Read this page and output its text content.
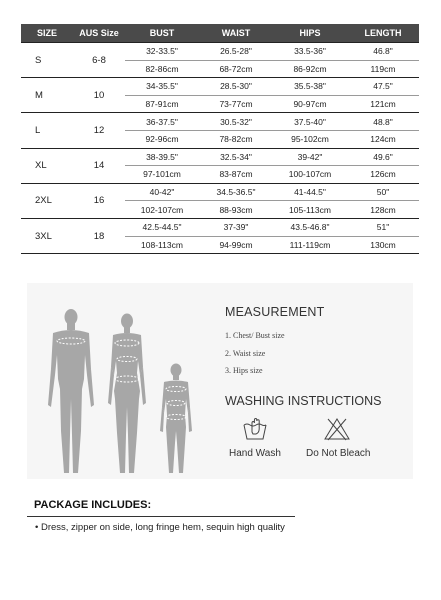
SIZE	AUS Size	BUST	WAIST	HIPS	LENGTH
S	6-8	32-33.5"	26.5-28"	33.5-36"	46.8"
		82-86cm	68-72cm	86-92cm	119cm
M	10	34-35.5"	28.5-30"	35.5-38"	47.5"
		87-91cm	73-77cm	90-97cm	121cm
L	12	36-37.5"	30.5-32"	37.5-40"	48.8"
		92-96cm	78-82cm	95-102cm	124cm
XL	14	38-39.5"	32.5-34"	39-42"	49.6"
		97-101cm	83-87cm	100-107cm	126cm
2XL	16	40-42"	34.5-36.5"	41-44.5"	50"
		102-107cm	88-93cm	105-113cm	128cm
3XL	18	42.5-44.5"	37-39"	43.5-46.8"	51"
		108-113cm	94-99cm	111-119cm	130cm
MEASUREMENT
1. Chest/ Bust size
2. Waist size
3. Hips size
WASHING INSTRUCTIONS
Hand Wash	Do Not Bleach
PACKAGE INCLUDES:
• Dress, zipper on side, long fringe hem, sequin high quality
